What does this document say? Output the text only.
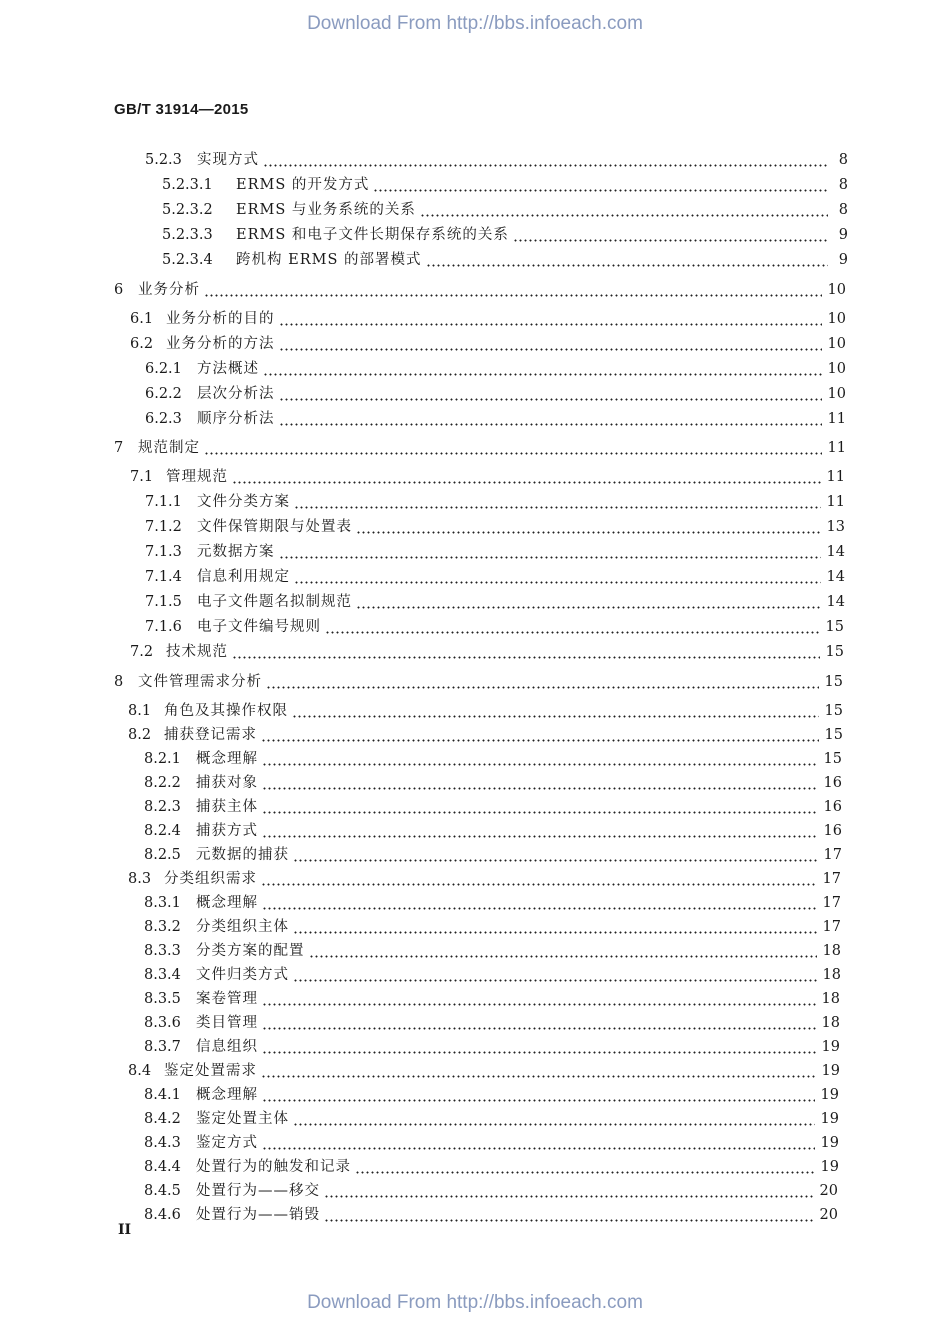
Download From http://bbs.infoeach.com
GB/T 31914—2015
5.2.3	实现方式	8
5.2.3.1	ERMS 的开发方式	8
5.2.3.2	ERMS 与业务系统的关系	8
5.2.3.3	ERMS 和电子文件长期保存系统的关系	9
5.2.3.4	跨机构 ERMS 的部署模式	9
6	业务分析	10
6.1 业务分析的目的	10
6.2 业务分析的方法	10
6.2.1	方法概述	10
6.2.2	层次分析法	10
6.2.3	顺序分析法	11
7	规范制定	11
7.1 管理规范	11
7.1.1	文件分类方案	11
7.1.2	文件保管期限与处置表	13
7.1.3	元数据方案	14
7.1.4	信息利用规定	14
7.1.5	电子文件题名拟制规范	14
7.1.6	电子文件编号规则	15
7.2 技术规范	15
8	文件管理需求分析	15
8.1 角色及其操作权限	15
8.2 捕获登记需求	15
8.2.1	概念理解	15
8.2.2	捕获对象	16
8.2.3	捕获主体	16
8.2.4	捕获方式	16
8.2.5	元数据的捕获	17
8.3 分类组织需求	17
8.3.1	概念理解	17
8.3.2	分类组织主体	17
8.3.3	分类方案的配置	18
8.3.4	文件归类方式	18
8.3.5	案卷管理	18
8.3.6	类目管理	18
8.3.7	信息组织	19
8.4 鉴定处置需求	19
8.4.1	概念理解	19
8.4.2	鉴定处置主体	19
8.4.3	鉴定方式	19
8.4.4	处置行为的触发和记录	19
8.4.5	处置行为——移交	20
8.4.6	处置行为——销毁	20
II
Download From http://bbs.infoeach.com
